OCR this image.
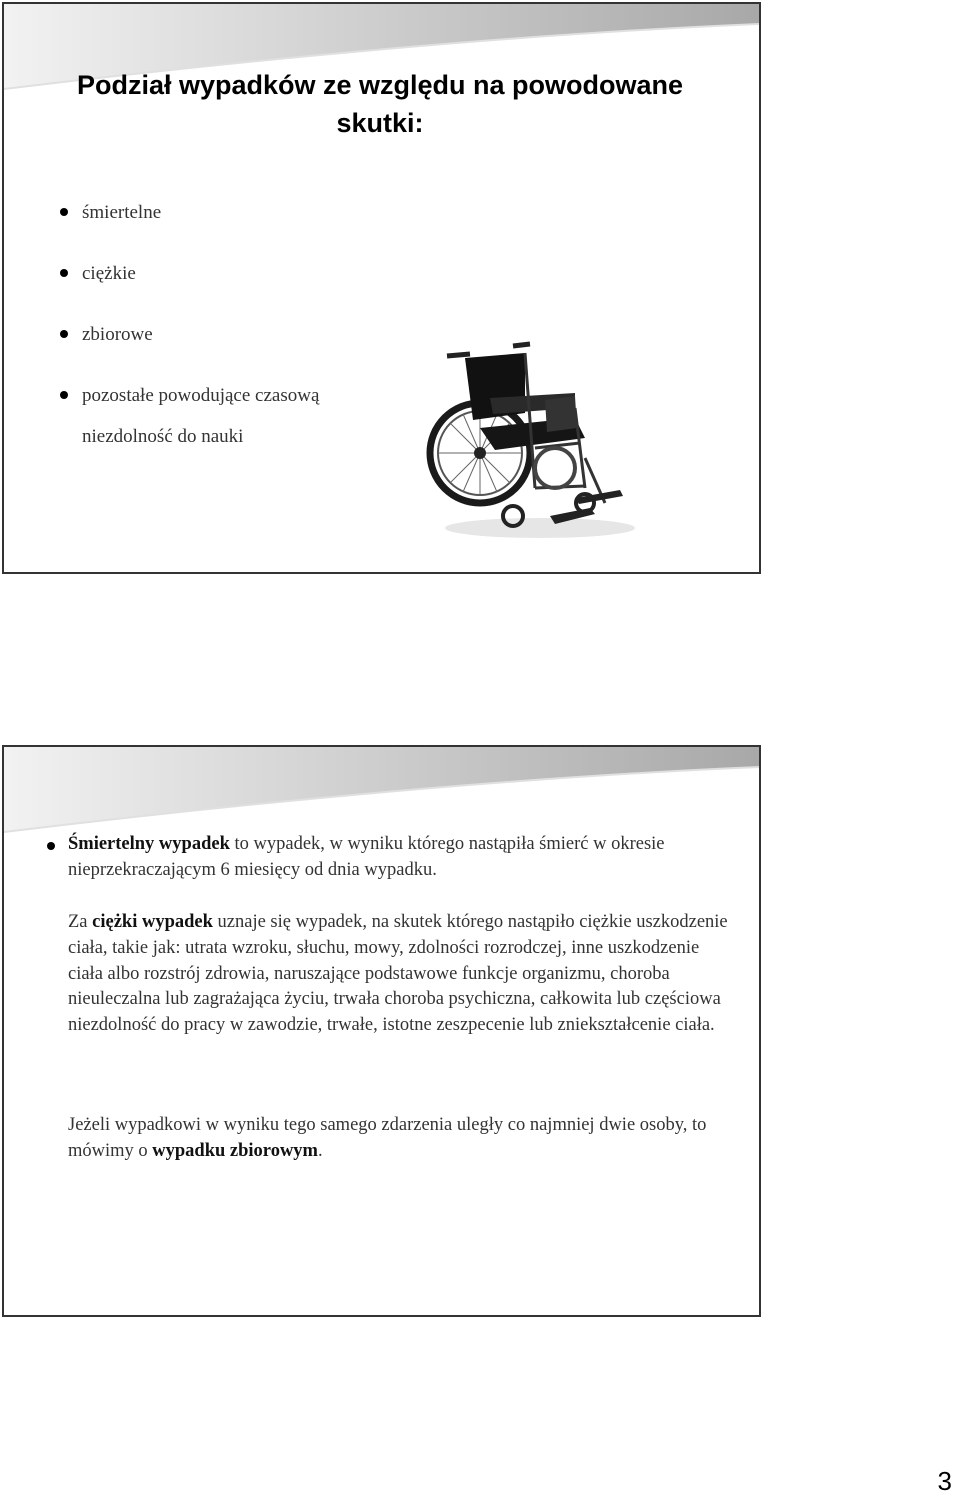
Podział wypadków ze względu na powodowane skutki:
śmiertelne
ciężkie
zbiorowe
pozostałe powodujące czasową niezdolność do nauki
Śmiertelny wypadek to wypadek, w wyniku którego nastąpiła śmierć w okresie nieprzekraczającym 6 miesięcy od dnia wypadku.
Za ciężki wypadek uznaje się wypadek, na skutek którego nastąpiło ciężkie uszkodzenie ciała, takie jak: utrata wzroku, słuchu, mowy, zdolności rozrodczej, inne uszkodzenie ciała albo rozstrój zdrowia, naruszające podstawowe funkcje organizmu, choroba nieuleczalna lub zagrażająca życiu, trwała choroba psychiczna, całkowita lub częściowa niezdolność do pracy w zawodzie, trwałe, istotne zeszpecenie lub zniekształcenie ciała.
Jeżeli wypadkowi w wyniku tego samego zdarzenia uległy co najmniej dwie osoby, to mówimy o wypadku zbiorowym.
3
